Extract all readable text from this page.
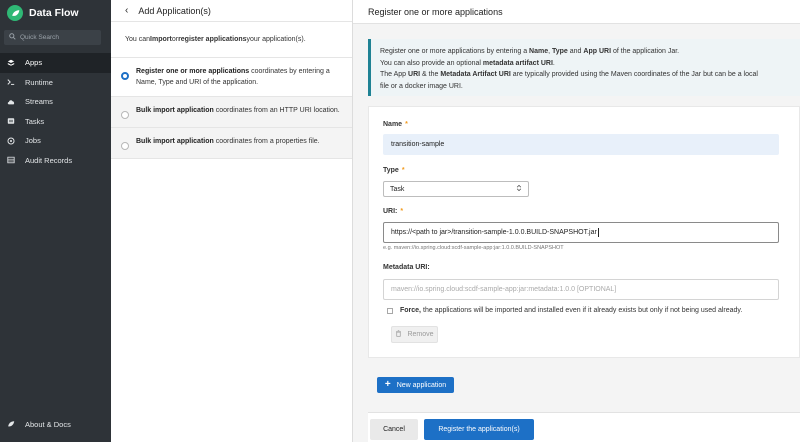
Data Flow
Quick Search
Apps
Runtime
Streams
Tasks
Jobs
Audit Records
About & Docs
‹ Add Application(s)
You can Import or register applications your application(s).
Register one or more applications coordinates by entering a Name, Type and URI of the application.
Bulk import application coordinates from an HTTP URI location.
Bulk import application coordinates from a properties file.
Register one or more applications
Register one or more applications by entering a Name, Type and App URI of the application Jar.
You can also provide an optional metadata artifact URI.
The App URI & the Metadata Artifact URI are typically provided using the Maven coordinates of the Jar but can be a local
file or a docker image URI.
Name *
transition-sample
Type *
Task
URI: *
https://<path to jar>/transition-sample-1.0.0.BUILD-SNAPSHOT.jar
e.g. maven://io.spring.cloud:scdf-sample-app:jar:1.0.0.BUILD-SNAPSHOT
Metadata URI:
maven://io.spring.cloud:scdf-sample-app:jar:metadata:1.0.0 [OPTIONAL]
Force, the applications will be imported and installed even if it already exists but only if not being used already.
Remove
+ New application
Cancel	Register the application(s)
